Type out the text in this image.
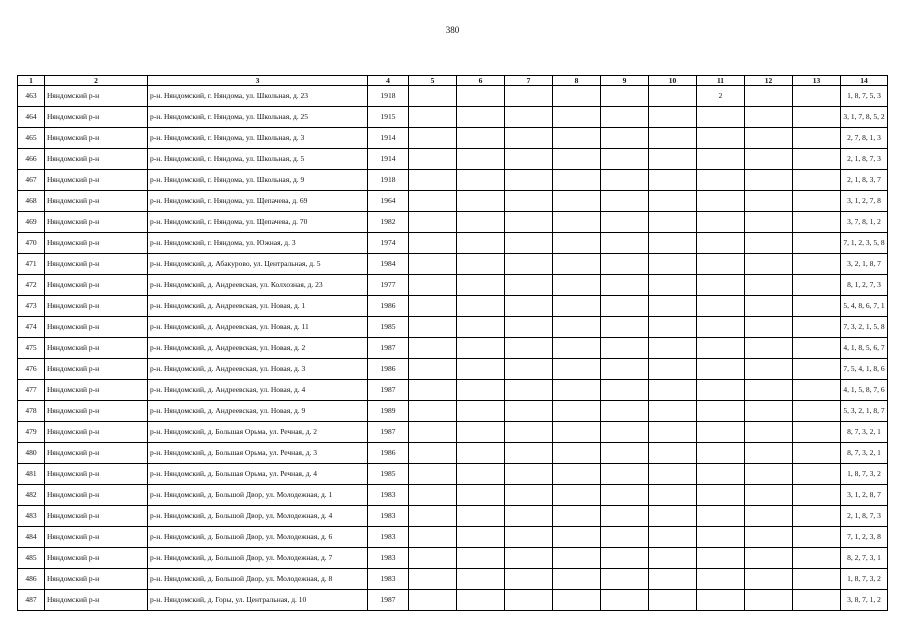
380
1	2	3	4	5	6	7	8	9	10	11	12	13	14
463	Няндомский р-н	р-н. Няндомский, г. Няндома, ул. Школьная, д. 23	1918							2			1, 8, 7, 5, 3
464	Няндомский р-н	р-н. Няндомский, г. Няндома, ул. Школьная, д. 25	1915										3, 1, 7, 8, 5, 2
465	Няндомский р-н	р-н. Няндомский, г. Няндома, ул. Школьная, д. 3	1914										2, 7, 8, 1, 3
466	Няндомский р-н	р-н. Няндомский, г. Няндома, ул. Школьная, д. 5	1914										2, 1, 8, 7, 3
467	Няндомский р-н	р-н. Няндомский, г. Няндома, ул. Школьная, д. 9	1918										2, 1, 8, 3, 7
468	Няндомский р-н	р-н. Няндомский, г. Няндома, ул. Щепачева, д. 69	1964										3, 1, 2, 7, 8
469	Няндомский р-н	р-н. Няндомский, г. Няндома, ул. Щепачева, д. 70	1982										3, 7, 8, 1, 2
470	Няндомский р-н	р-н. Няндомский, г. Няндома, ул. Южная, д. 3	1974										7, 1, 2, 3, 5, 8
471	Няндомский р-н	р-н. Няндомский, д. Абакурово, ул. Центральная, д. 5	1984										3, 2, 1, 8, 7
472	Няндомский р-н	р-н. Няндомский, д. Андреевская, ул. Колхозная, д. 23	1977										8, 1, 2, 7, 3
473	Няндомский р-н	р-н. Няндомский, д. Андреевская, ул. Новая, д. 1	1986										5, 4, 8, 6, 7, 1
474	Няндомский р-н	р-н. Няндомский, д. Андреевская, ул. Новая, д. 11	1985										7, 3, 2, 1, 5, 8
475	Няндомский р-н	р-н. Няндомский, д. Андреевская, ул. Новая, д. 2	1987										4, 1, 8, 5, 6, 7
476	Няндомский р-н	р-н. Няндомский, д. Андреевская, ул. Новая, д. 3	1986										7, 5, 4, 1, 8, 6
477	Няндомский р-н	р-н. Няндомский, д. Андреевская, ул. Новая, д. 4	1987										4, 1, 5, 8, 7, 6
478	Няндомский р-н	р-н. Няндомский, д. Андреевская, ул. Новая, д. 9	1989										5, 3, 2, 1, 8, 7
479	Няндомский р-н	р-н. Няндомский, д. Большая Орьма, ул. Речная, д. 2	1987										8, 7, 3, 2, 1
480	Няндомский р-н	р-н. Няндомский, д. Большая Орьма, ул. Речная, д. 3	1986										8, 7, 3, 2, 1
481	Няндомский р-н	р-н. Няндомский, д. Большая Орьма, ул. Речная, д. 4	1985										1, 8, 7, 3, 2
482	Няндомский р-н	р-н. Няндомский, д. Большой Двор, ул. Молодежная, д. 1	1983										3, 1, 2, 8, 7
483	Няндомский р-н	р-н. Няндомский, д. Большой Двор, ул. Молодежная, д. 4	1983										2, 1, 8, 7, 3
484	Няндомский р-н	р-н. Няндомский, д. Большой Двор, ул. Молодежная, д. 6	1983										7, 1, 2, 3, 8
485	Няндомский р-н	р-н. Няндомский, д. Большой Двор, ул. Молодежная, д. 7	1983										8, 2, 7, 3, 1
486	Няндомский р-н	р-н. Няндомский, д. Большой Двор, ул. Молодежная, д. 8	1983										1, 8, 7, 3, 2
487	Няндомский р-н	р-н. Няндомский, д. Горы, ул. Центральная, д. 10	1987										3, 8, 7, 1, 2
